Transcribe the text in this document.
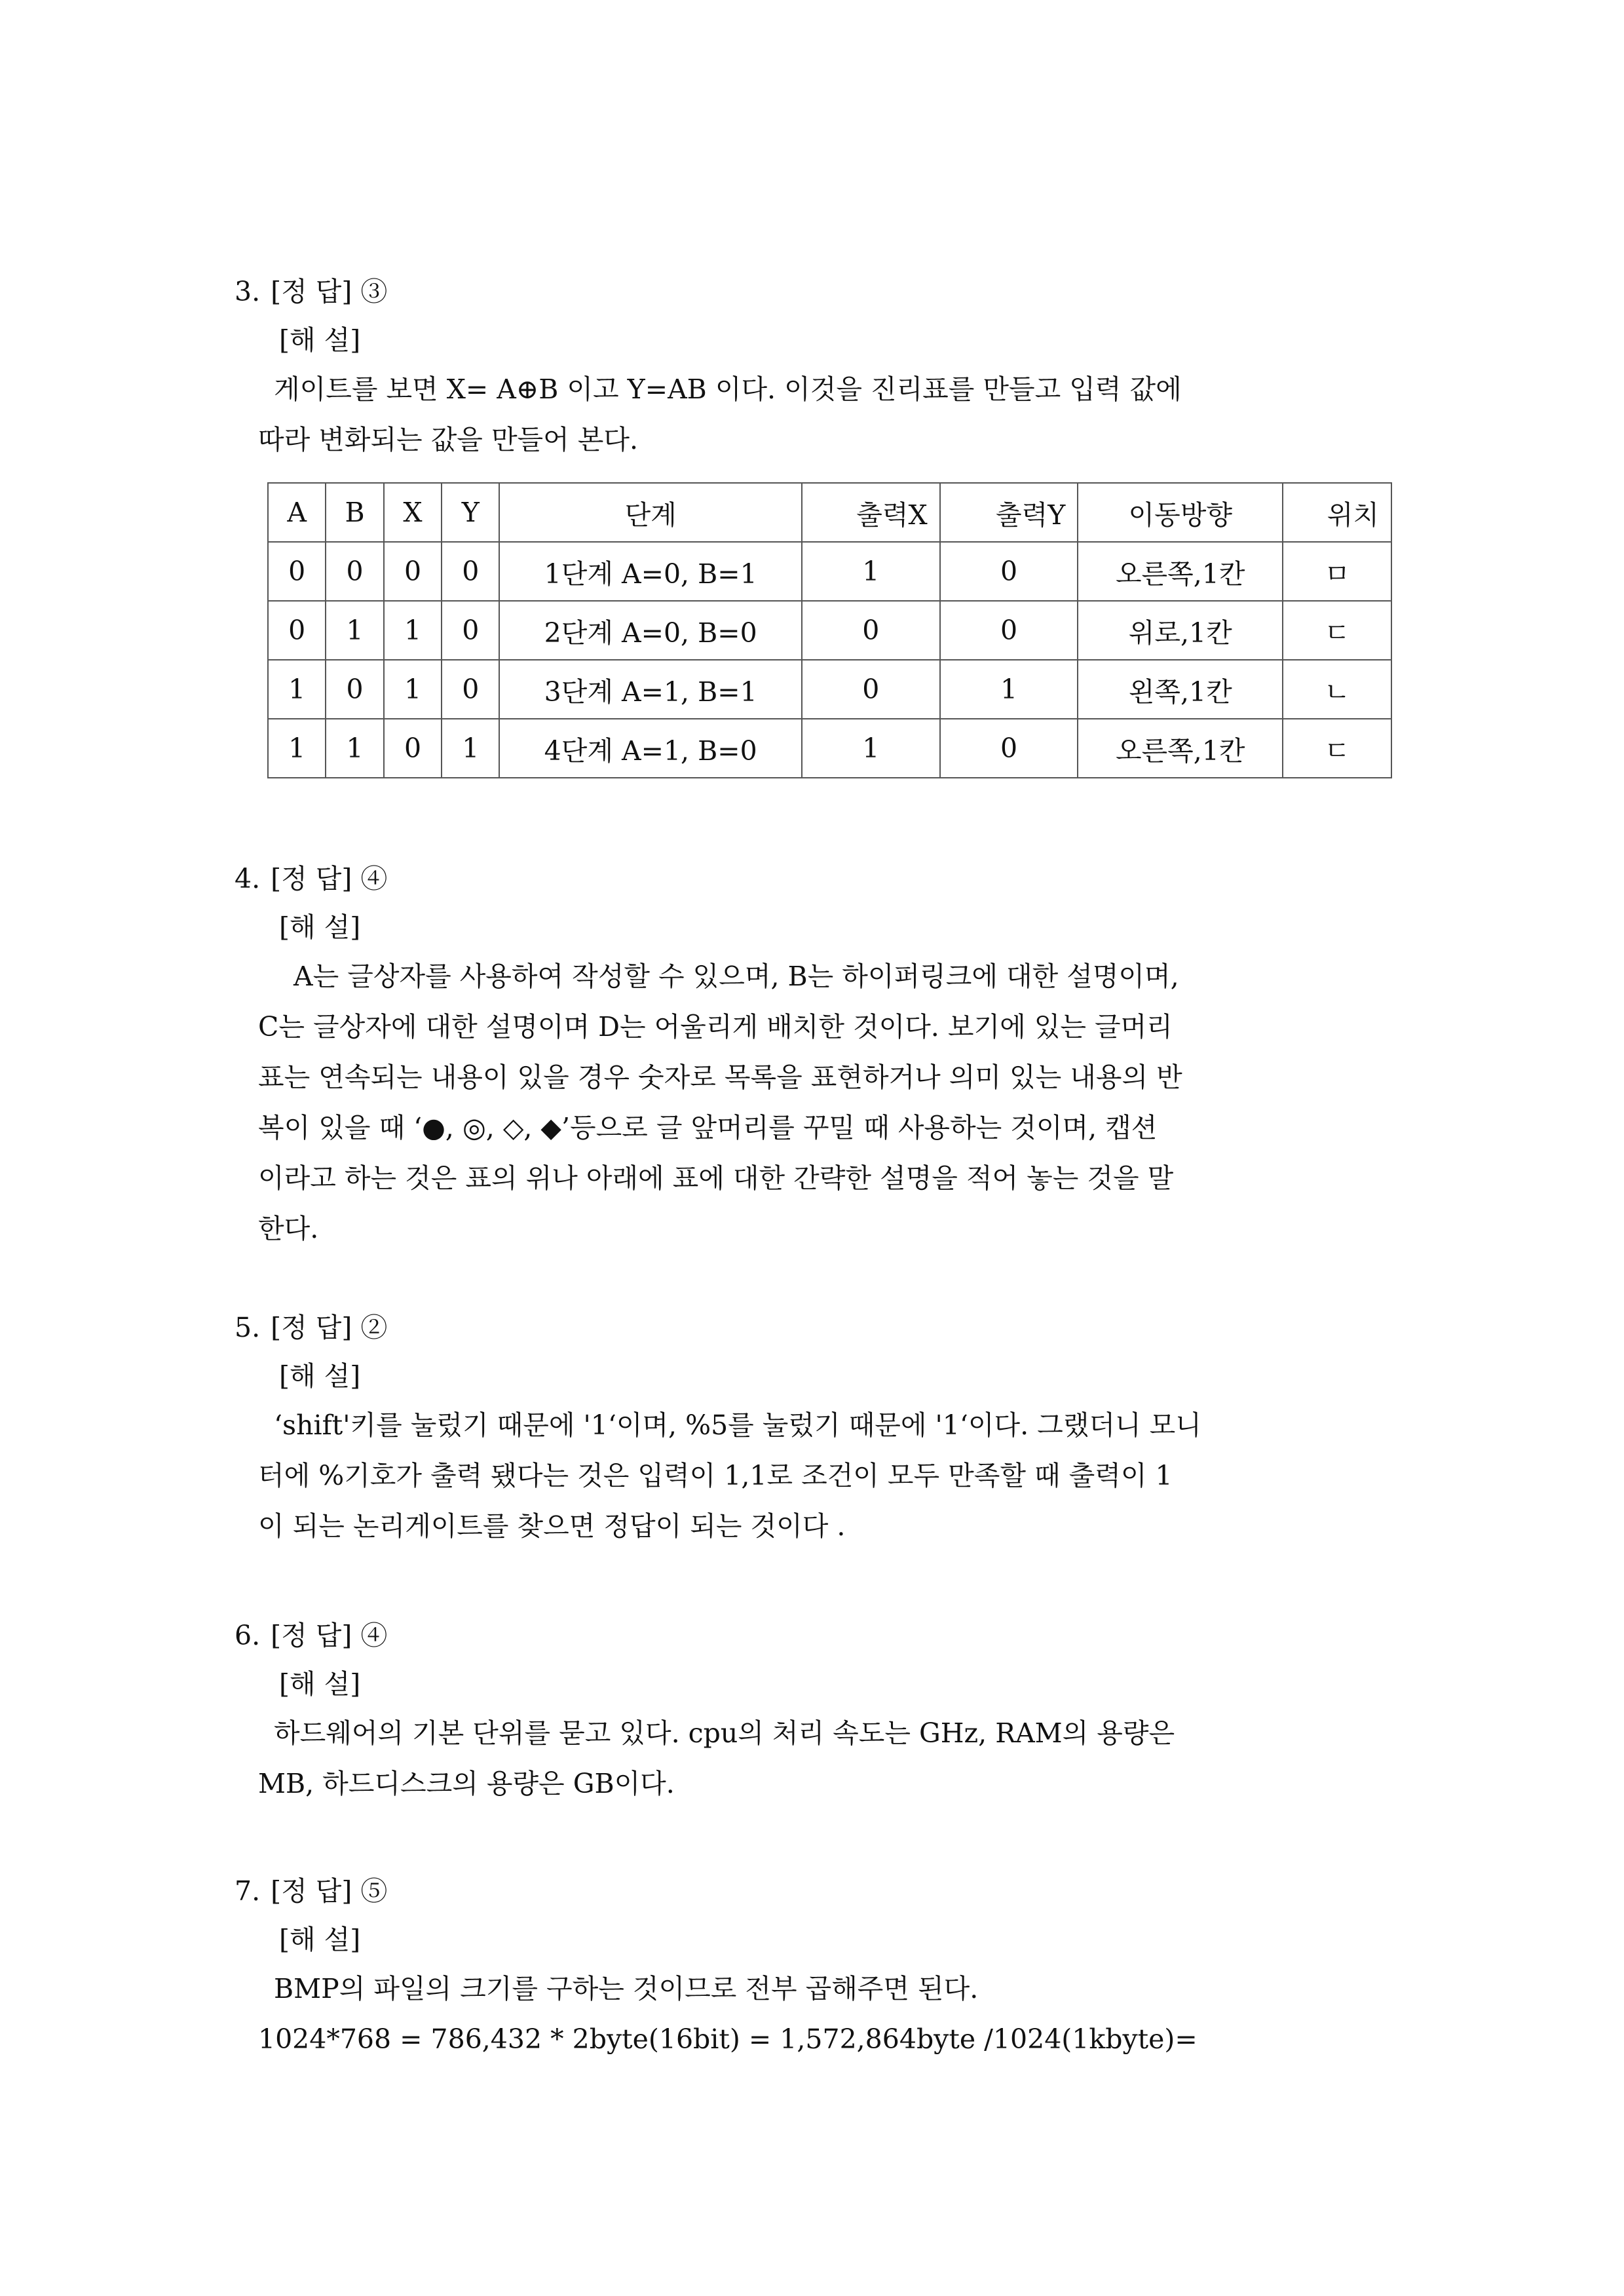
3. [정 답] ③
[해 설]
게이트를 보면 X= A⊕B 이고 Y=AB 이다. 이것을 진리표를 만들고 입력 값에
따라 변화되는 값을 만들어 본다.
A	B	X	Y	단계	출력X	출력Y	이동방향	위치
0	0	0	0	1단계 A=0, B=1	1	0	오른쪽,1칸	ㅁ
0	1	1	0	2단계 A=0, B=0	0	0	위로,1칸	ㄷ
1	0	1	0	3단계 A=1, B=1	0	1	왼쪽,1칸	ㄴ
1	1	0	1	4단계 A=1, B=0	1	0	오른쪽,1칸	ㄷ
4. [정 답] ④
[해 설]
A는 글상자를 사용하여 작성할 수 있으며, B는 하이퍼링크에 대한 설명이며,
C는 글상자에 대한 설명이며 D는 어울리게 배치한 것이다. 보기에 있는 글머리
표는 연속되는 내용이 있을 경우 숫자로 목록을 표현하거나 의미 있는 내용의 반
복이 있을 때 ‘●, ◎, ◇, ◆’등으로 글 앞머리를 꾸밀 때 사용하는 것이며, 캡션
이라고 하는 것은 표의 위나 아래에 표에 대한 간략한 설명을 적어 놓는 것을 말
한다.
5. [정 답] ②
[해 설]
‘shift'키를 눌렀기 때문에 '1‘이며, %5를 눌렀기 때문에 '1‘이다. 그랬더니 모니
터에 %기호가 출력 됐다는 것은 입력이 1,1로 조건이 모두 만족할 때 출력이 1
이 되는 논리게이트를 찾으면 정답이 되는 것이다 .
6. [정 답] ④
[해 설]
하드웨어의 기본 단위를 묻고 있다. cpu의 처리 속도는 GHz, RAM의 용량은
MB, 하드디스크의 용량은 GB이다.
7. [정 답] ⑤
[해 설]
BMP의 파일의 크기를 구하는 것이므로 전부 곱해주면 된다.
1024*768 = 786,432 * 2byte(16bit) = 1,572,864byte /1024(1kbyte)=
